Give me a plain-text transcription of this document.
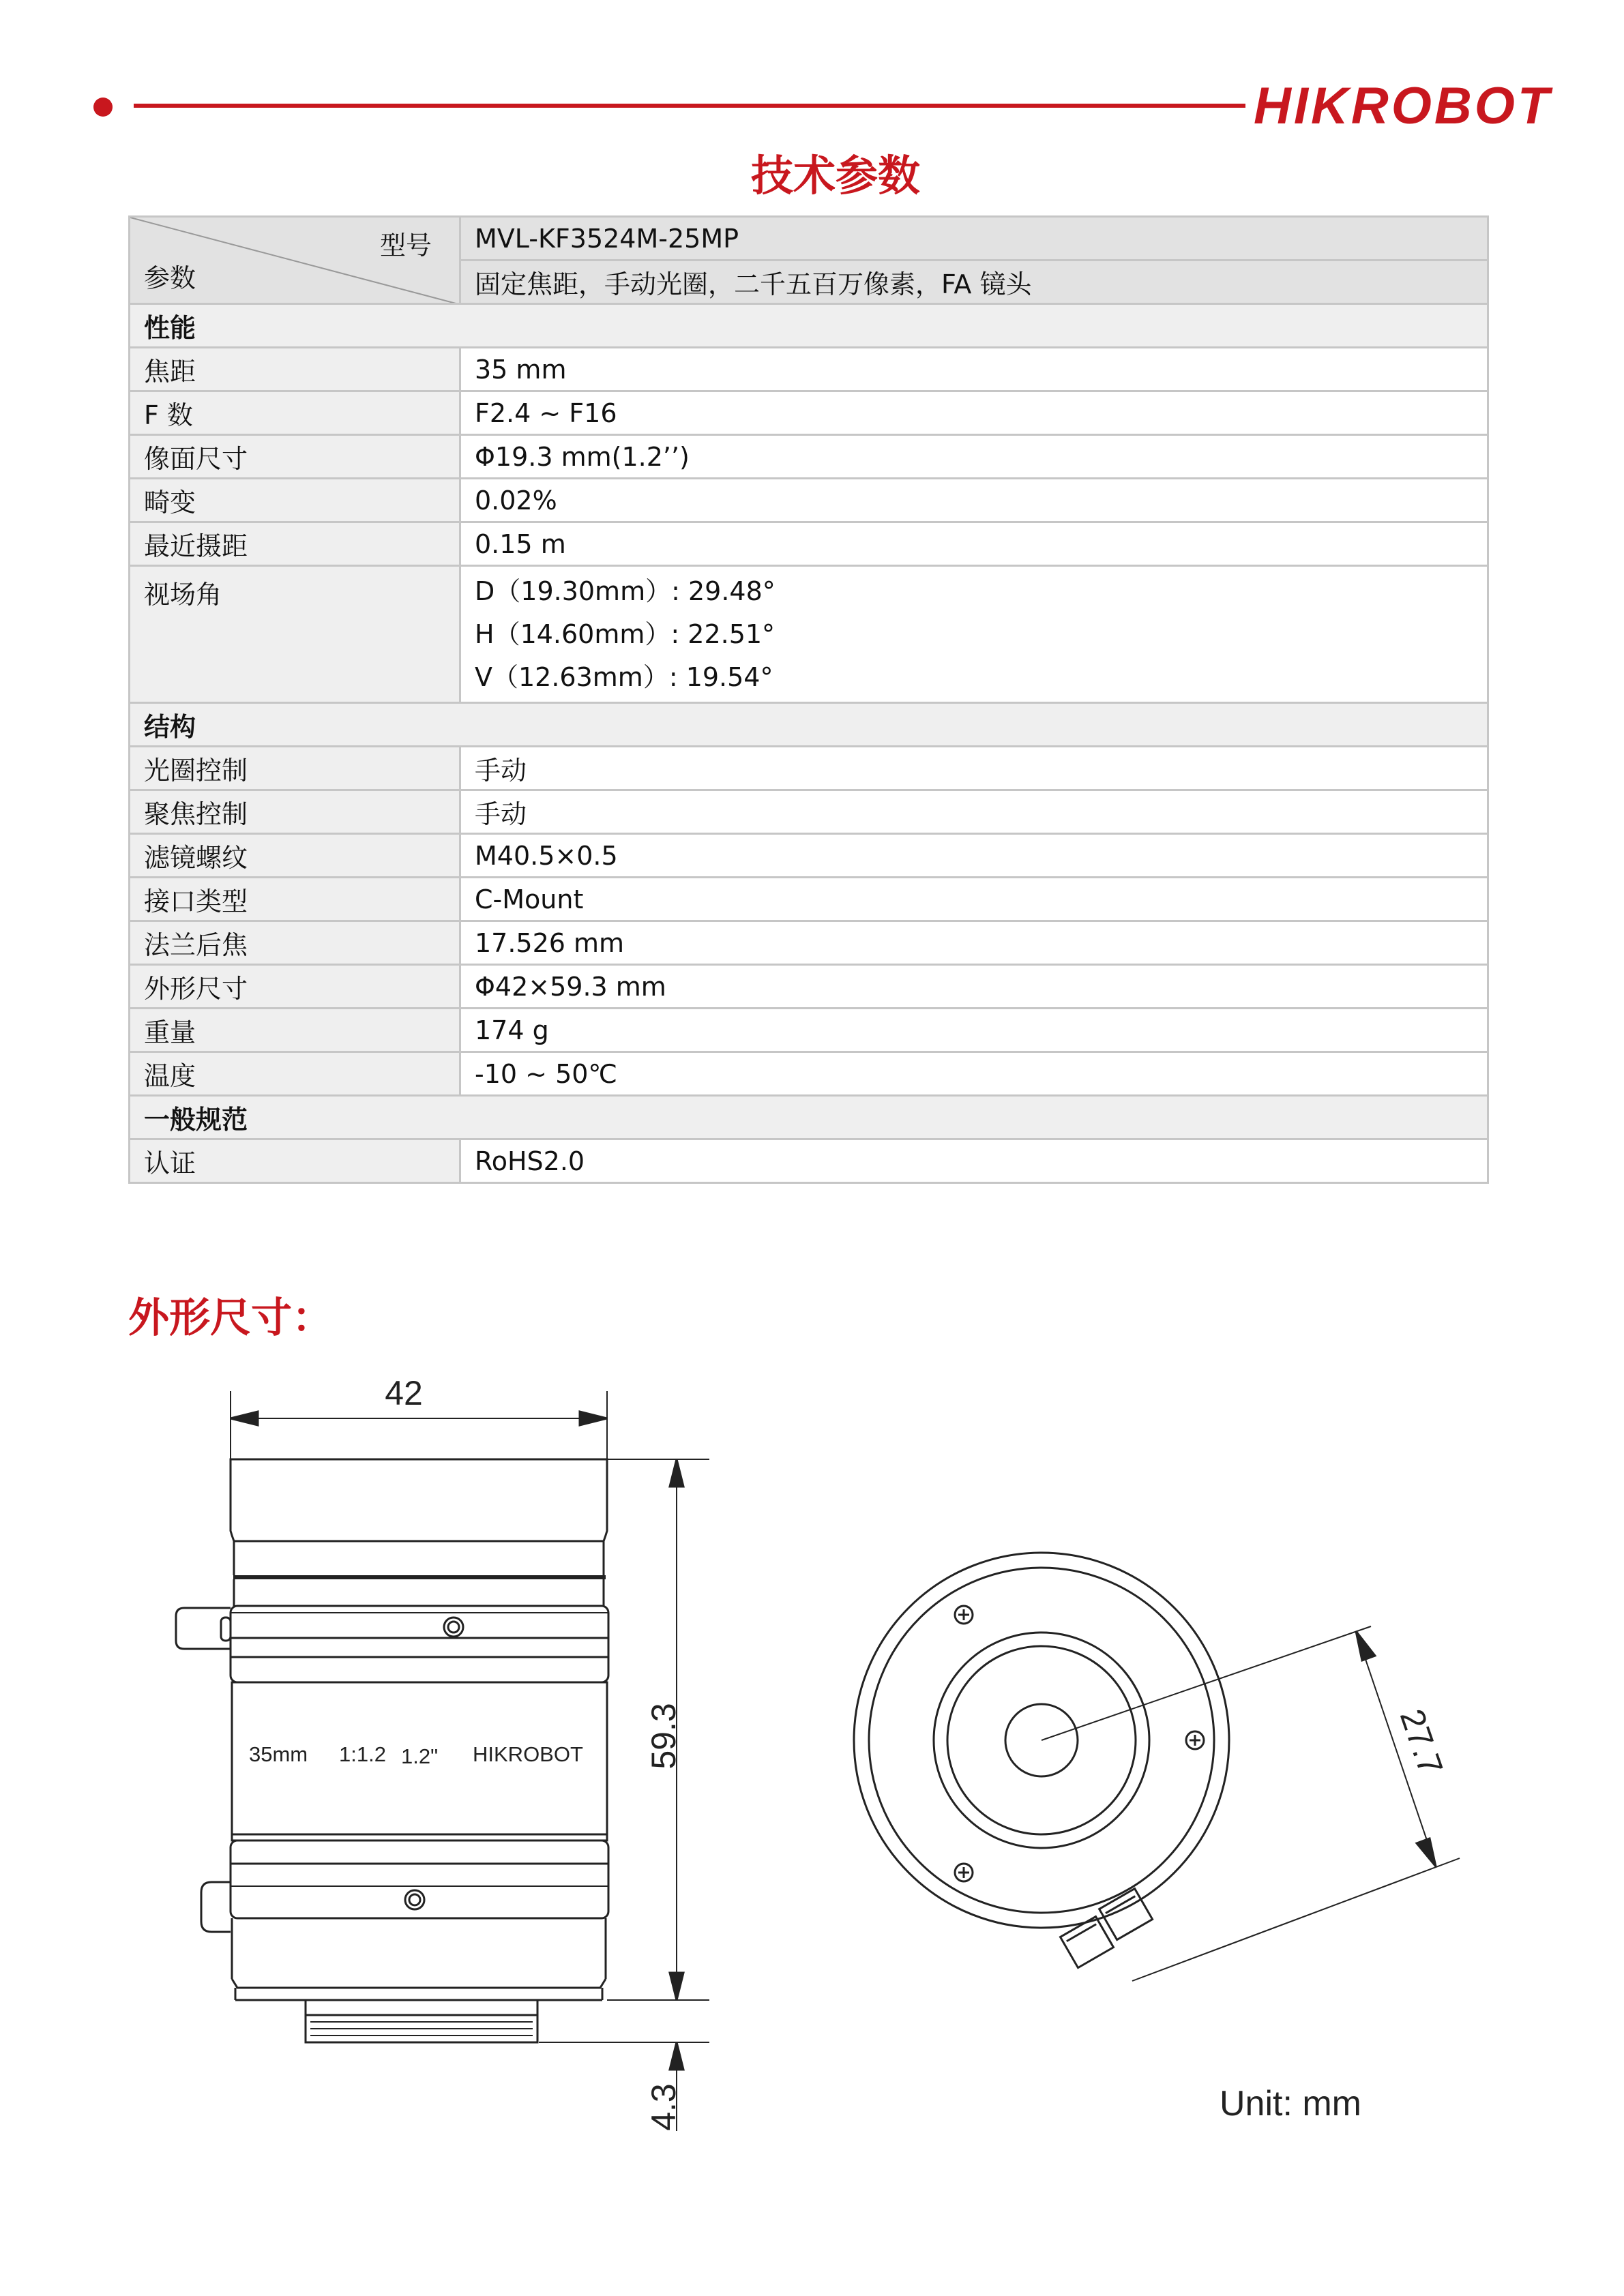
HIKROBOT
技术参数
型号
参数	MVL-KF3524M-25MP
	固定焦距，手动光圈，二千五百万像素，FA 镜头
性能	
焦距	35 mm
F 数	F2.4 ~ F16
像面尺寸	Φ19.3 mm(1.2’’)
畸变	0.02%
最近摄距	0.15 m
视场角	D（19.30mm）: 29.48°
H（14.60mm）: 22.51°
V（12.63mm）: 19.54°

结构	
光圈控制	手动
聚焦控制	手动
滤镜螺纹	M40.5×0.5
接口类型	C-Mount
法兰后焦	17.526 mm
外形尺寸	Φ42×59.3 mm
重量	174 g
温度	-10 ~ 50℃
一般规范	
认证	RoHS2.0
外形尺寸：
42
59.3
4.3
35mm 1:1.2 1.2" HIKROBOT	27.7
Unit: mm
